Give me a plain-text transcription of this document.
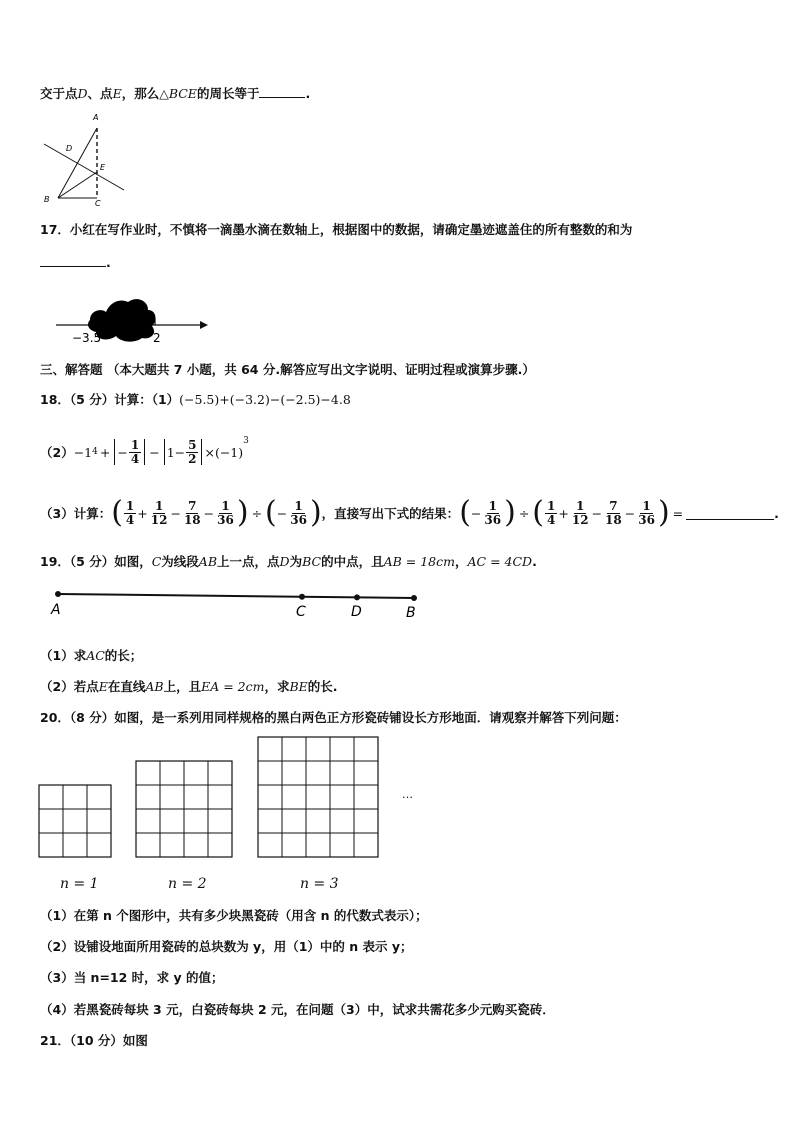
交于点D、点E，那么△BCE的周长等于	.
A
D
E
B	C
17．小红在写作业时，不慎将一滴墨水滴在数轴上，根据图中的数据，请确定墨迹遮盖住的所有整数的和为
.
−3.5	2
三、解答题 （本大题共 7 小题，共 64 分.解答应写出文字说明、证明过程或演算步骤.）
18．（5 分）计算：（1）(−5.5)+(−3.2)−(−2.5)−4.8
（2） −1 4 + − $\frac{1}{4} - 1- \frac{5}{2} \times(-1)$
$^3$
（3）计算： ( $\frac{1}{4} + \frac{1}{12} - \frac{7}{18} - \frac{1}{36}$ ) ÷ ( − $\frac{1}{36}$ ) ，直接写出下式的结果： ( − $\frac{1}{36}$ ) ÷ ( $\frac{1}{4} + \frac{1}{12} - \frac{7}{18} - \frac{1}{36}$ ) =	.
19．（5 分）如图，C为线段AB上一点，点D为BC的中点，且AB = 18cm，AC = 4CD.
A	C	D	B
（1）求AC的长；
（2）若点E在直线AB上，且EA = 2cm，求BE的长.
20．（8 分）如图，是一系列用同样规格的黑白两色正方形瓷砖铺设长方形地面．请观察并解答下列问题：
…
n = 1	n = 2	n = 3
（1）在第 n 个图形中，共有多少块黑瓷砖（用含 n 的代数式表示）；
（2）设铺设地面所用瓷砖的总块数为 y，用（1）中的 n 表示 y；
（3）当 n=12 时，求 y 的值；
（4）若黑瓷砖每块 3 元，白瓷砖每块 2 元，在问题（3）中，试求共需花多少元购买瓷砖．
21．（10 分）如图
